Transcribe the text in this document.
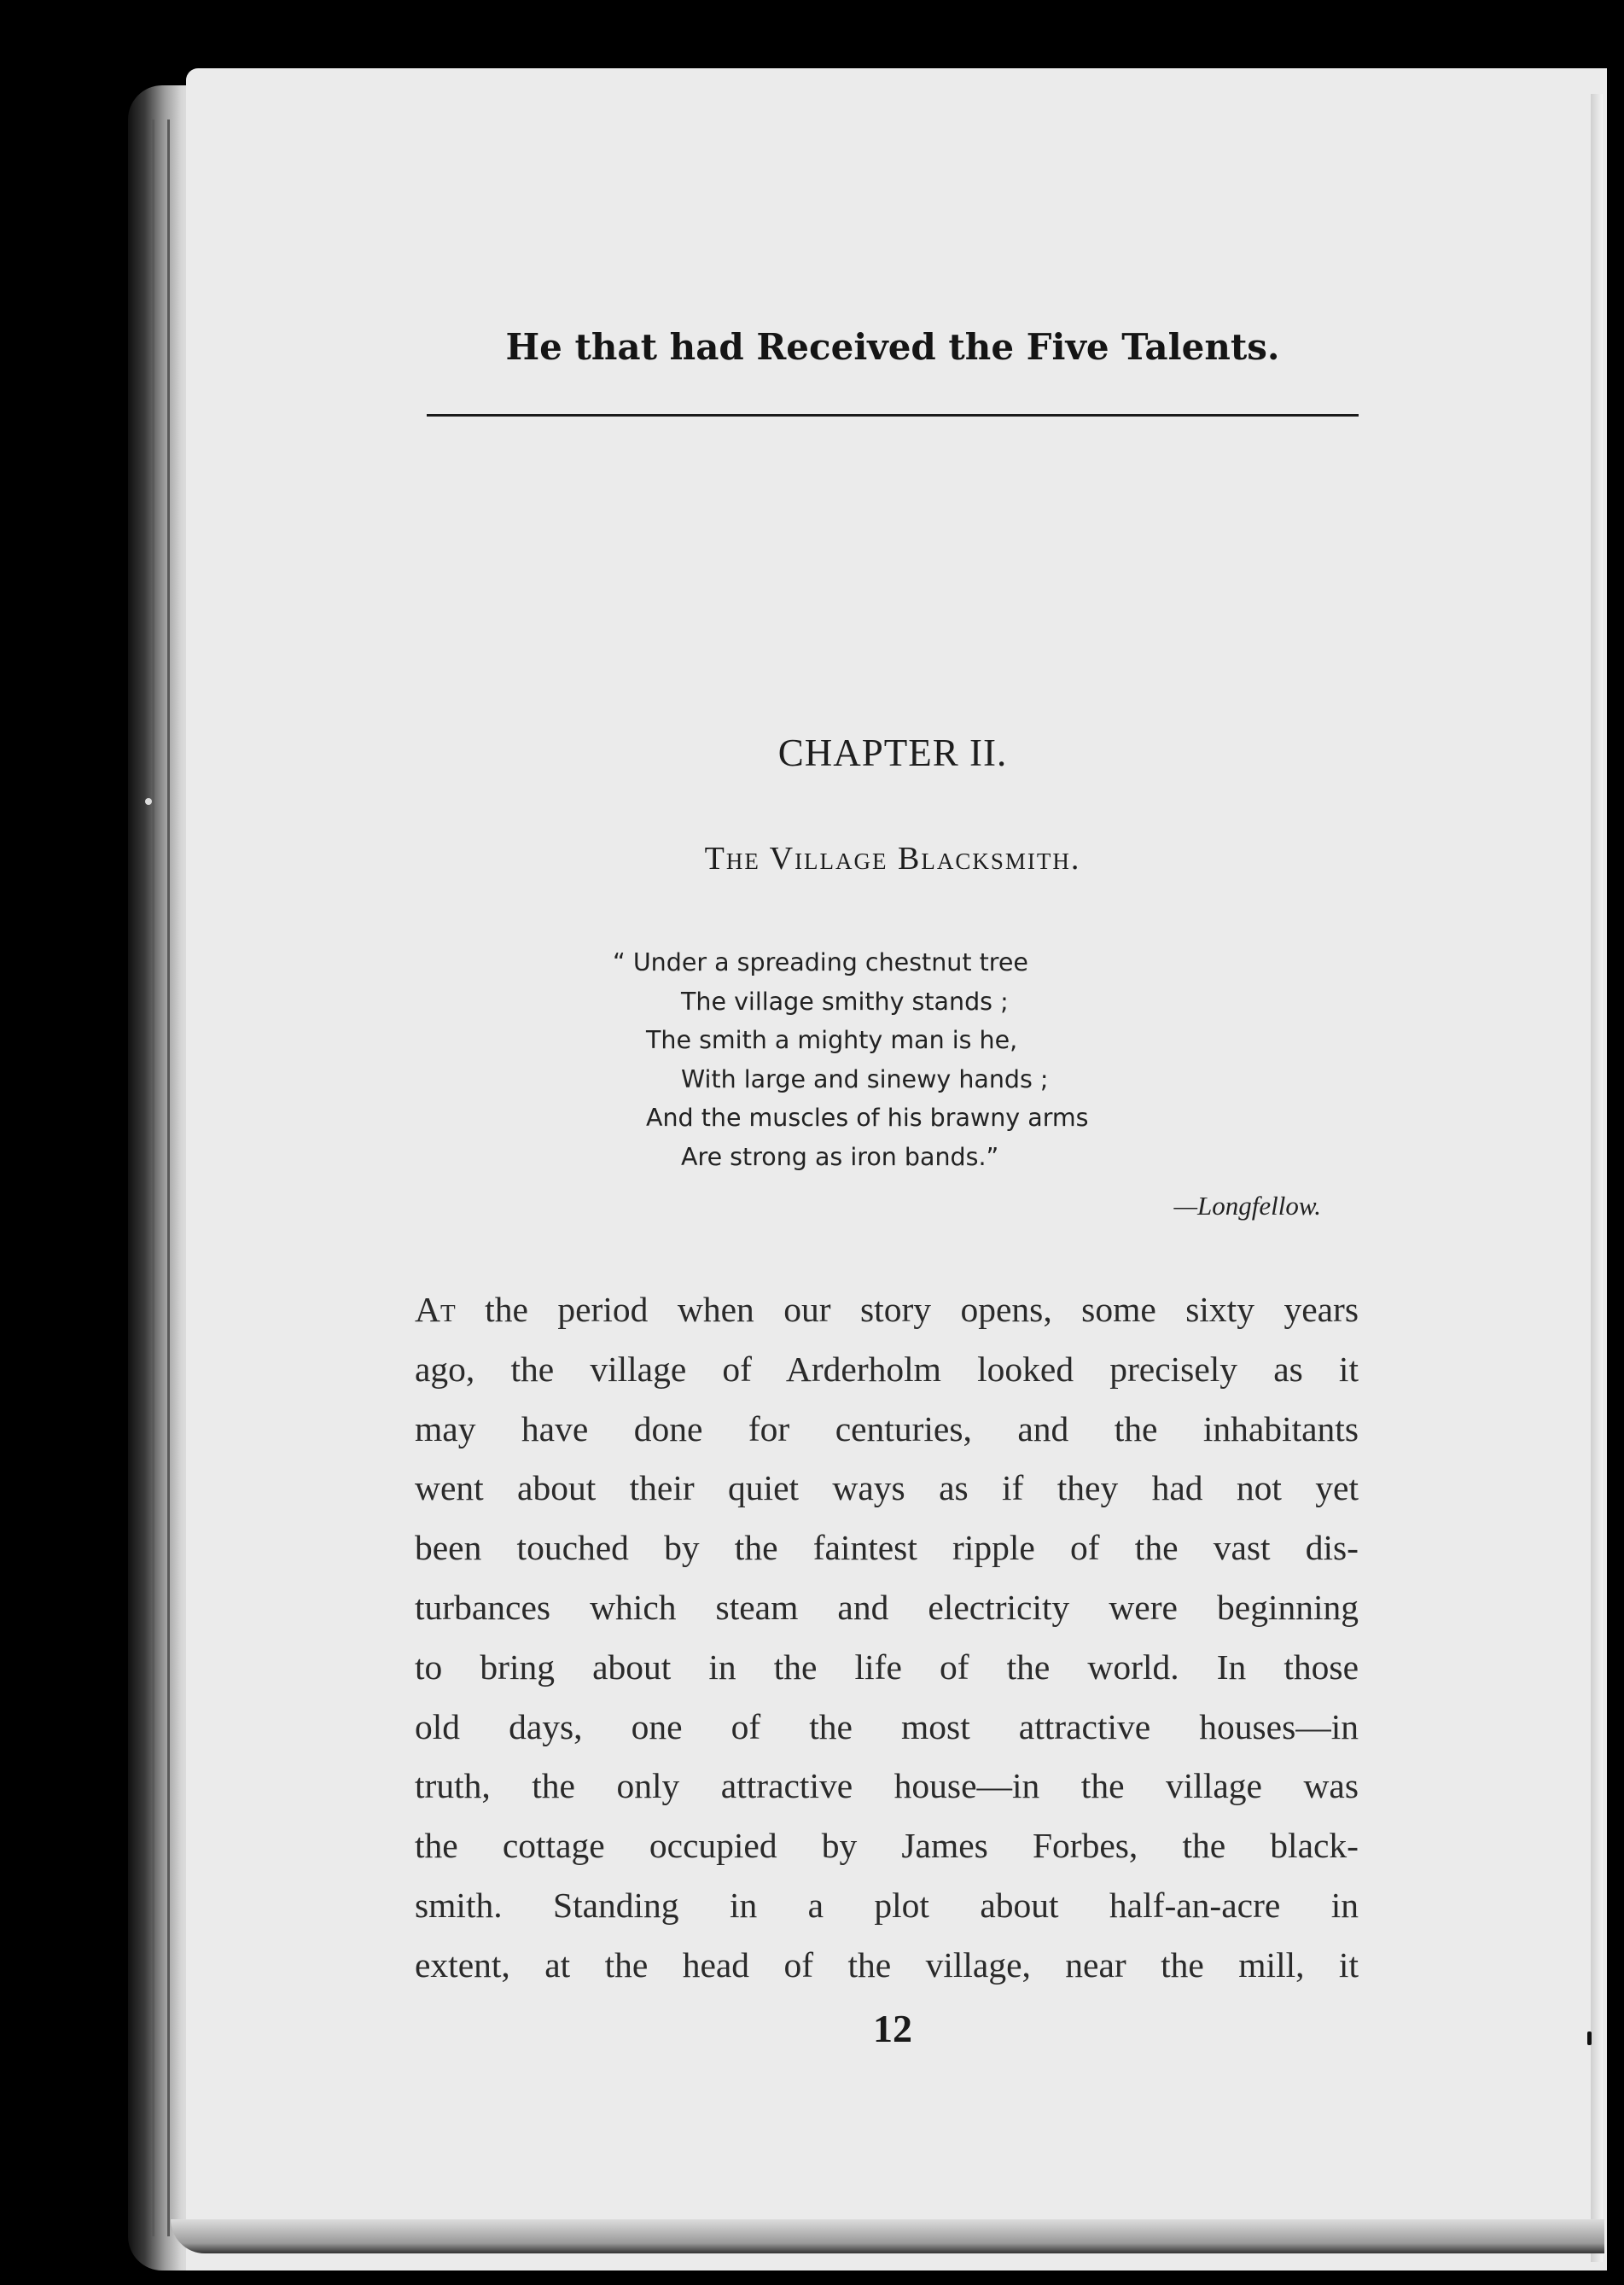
He that had Received the Five Talents.
CHAPTER II.
The Village Blacksmith.
“ Under a spreading chestnut tree
The village smithy stands ;
The smith a mighty man is he,
With large and sinewy hands ;
And the muscles of his brawny arms
Are strong as iron bands.”
—Longfellow.
At the period when our story opens, some sixty years
ago, the village of Arderholm looked precisely as it
may have done for centuries, and the inhabitants
went about their quiet ways as if they had not yet
been touched by the faintest ripple of the vast dis-
turbances which steam and electricity were beginning
to bring about in the life of the world. In those
old days, one of the most attractive houses—in
truth, the only attractive house—in the village was
the cottage occupied by James Forbes, the black-
smith. Standing in a plot about half-an-acre in
extent, at the head of the village, near the mill, it
12
